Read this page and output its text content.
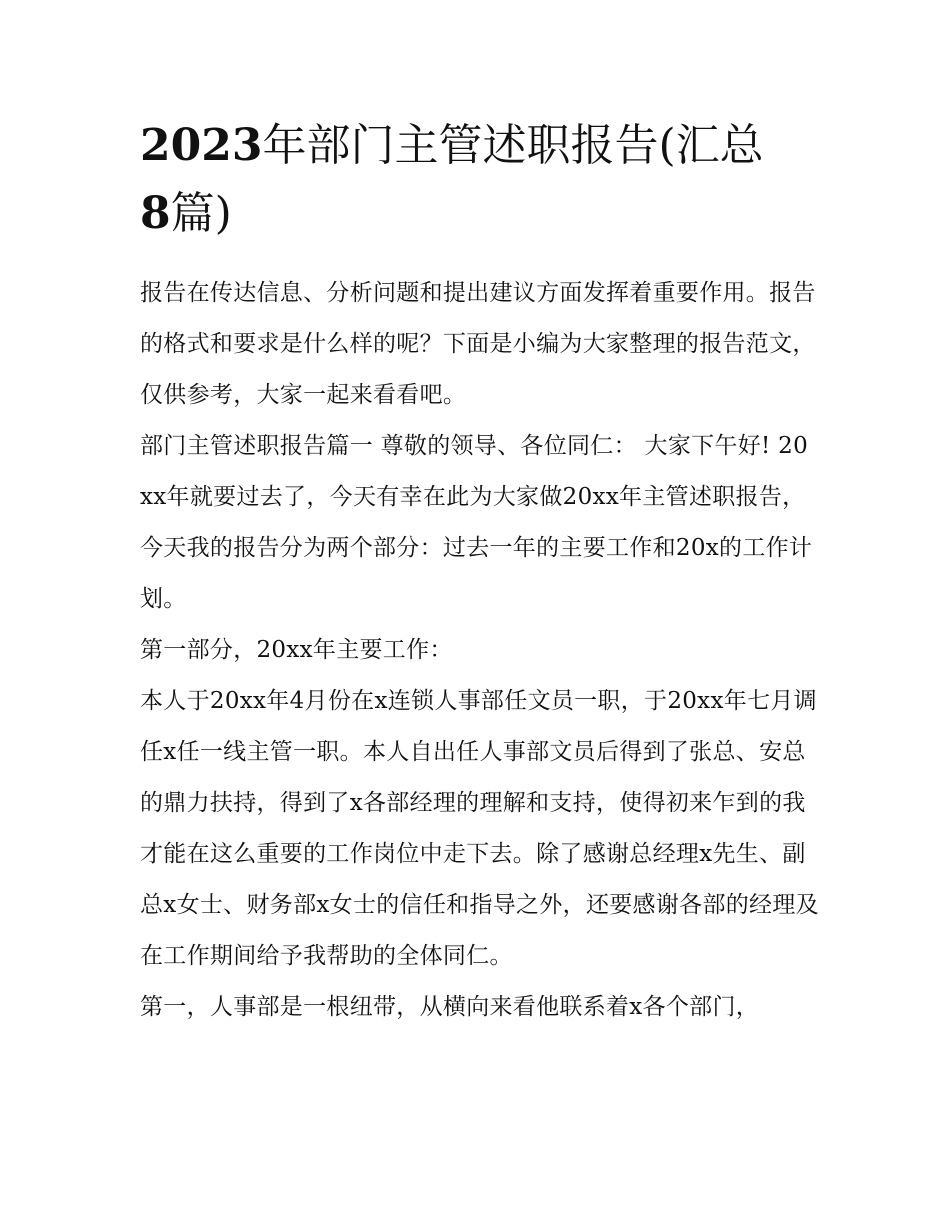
2023年部门主管述职报告(汇总
8篇)

报告在传达信息、分析问题和提出建议方面发挥着重要作用。报告的格式和要求是什么样的呢？下面是小编为大家整理的报告范文，仅供参考，大家一起来看看吧。

部门主管述职报告篇一 尊敬的领导、各位同仁： 大家下午好! 20xx年就要过去了，今天有幸在此为大家做20xx年主管述职报告，今天我的报告分为两个部分：过去一年的主要工作和20x的工作计划。

第一部分，20xx年主要工作：

本人于20xx年4月份在x连锁人事部任文员一职，于20xx年七月调任x任一线主管一职。本人自出任人事部文员后得到了张总、安总的鼎力扶持，得到了x各部经理的理解和支持，使得初来乍到的我才能在这么重要的工作岗位中走下去。除了感谢总经理x先生、副总x女士、财务部x女士的信任和指导之外，还要感谢各部的经理及在工作期间给予我帮助的全体同仁。

第一，人事部是一根纽带，从横向来看他联系着x各个部门，
